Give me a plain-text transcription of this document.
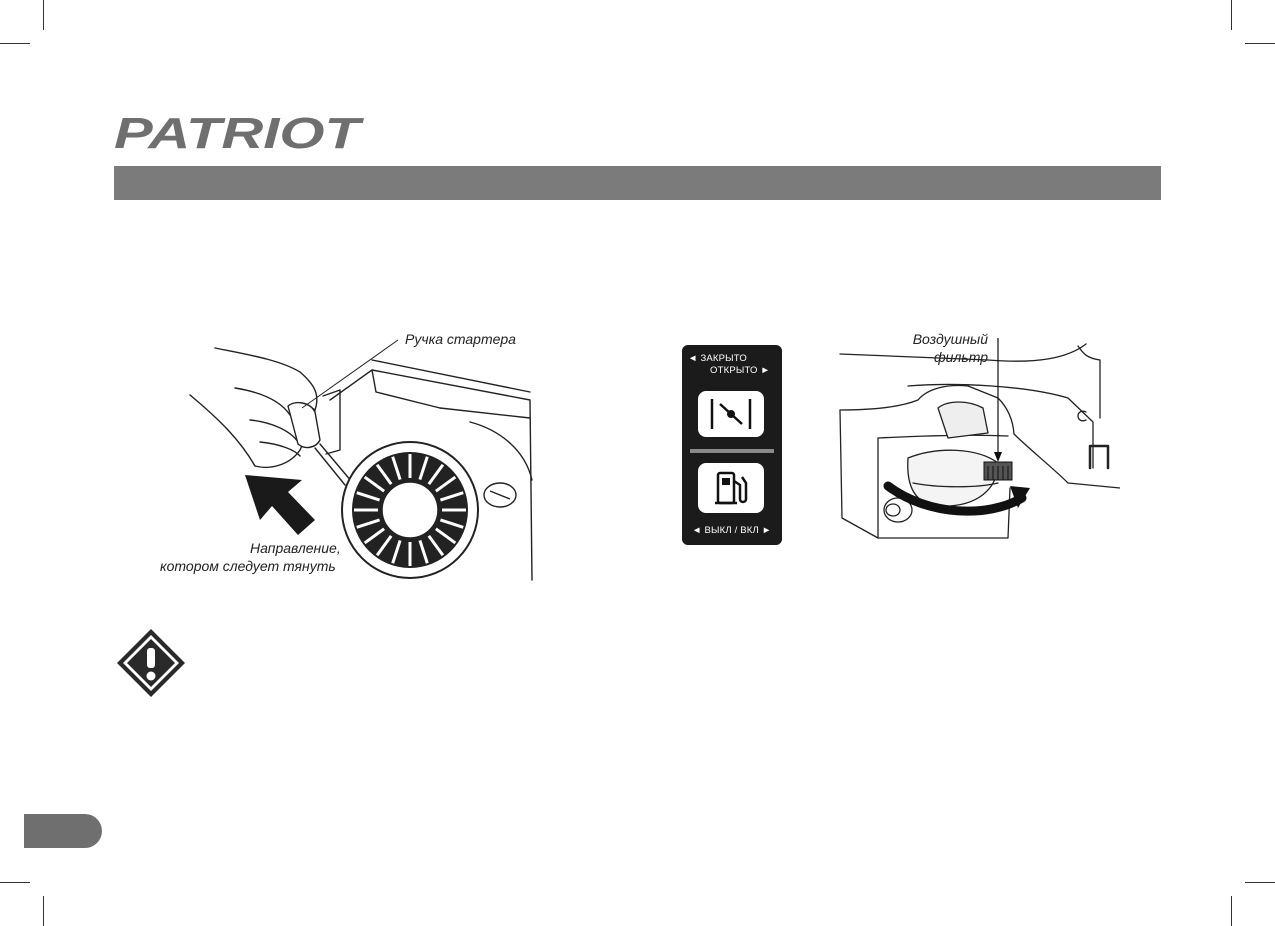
PATRIOT
Ручка стартера
Направление,
котором следует тянуть
◄ ЗАКРЫТО
ОТКРЫТО ►
◄ ВЫКЛ / ВКЛ ►
Воздушный
фильтр
